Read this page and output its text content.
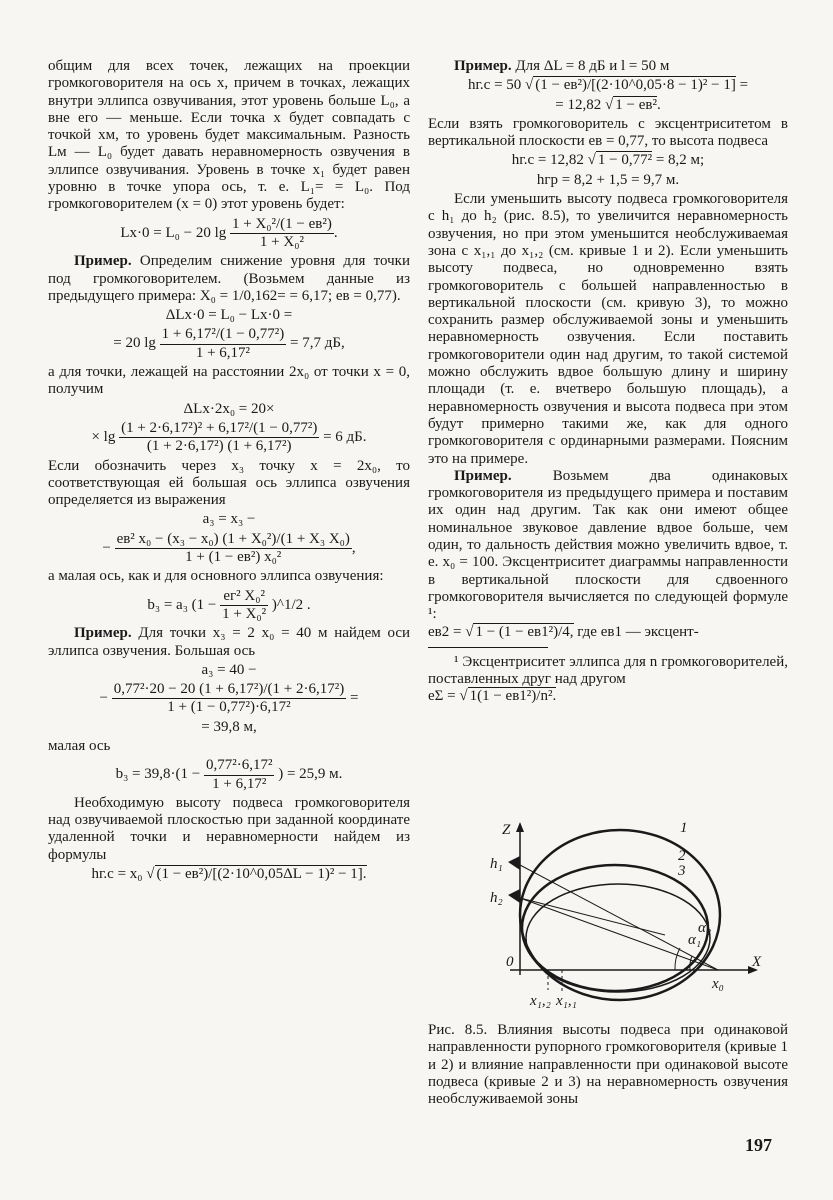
общим для всех точек, лежащих на проекции громкоговорителя на ось x, причем в точках, лежащих внутри эллипса озвучивания, этот уровень больше L₀, а вне его — меньше. Если точка x будет совпадать с точкой xм, то уровень будет максимальным. Разность Lм — L₀ будет давать неравномерность озвучения в эллипсе озвучивания. Уровень в точке x₁ будет равен уровню в точке упора ось, т. е. L₁= = L₀. Под громкоговорителем (x = 0) этот уровень будет:

Lx·0 = L₀ − 20 $\lg \frac{\text{1 + X₀²/(1 − eв²)}}{\text{1 + X₀²}}$ .

Пример. Определим снижение уровня для точки под громкоговорителем. (Возьмем данные из предыдущего примера: X₀ = 1/0,162= = 6,17; eв = 0,77).

ΔLx·0 = L₀ − Lx·0 =
= 20 $\lg \frac{\text{1 + 6,17²/(1 − 0,77²)}}{\text{1 + 6,17²}} = 7,7$ дБ,

а для точки, лежащей на расстоянии 2x₀ от точки x = 0, получим

ΔLx·2x₀ = 20×
× $\lg \frac{\text{(1 + 2·6,17²)² + 6,17²/(1 − 0,77²)}}{\text{(1 + 2·6,17²) (1 + 6,17²)}} = 6$ дБ.

Если обозначить через x₃ точку x = 2x₀, то соответствующая ей большая ось эллипса озвучения определяется из выражения

a₃ = x₃ −
− $\frac{\text{eв² x₀ − (x₃ − x₀) (1 + X₀²)/(1 + X₃ X₀)}}{\text{1 + (1 − eв²) x₀²}}$ ,

а малая ось, как и для основного эллипса озвучения:

b₃ = a₃ ($1 - \frac{\text{eг² X₀²}}{\text{1 + X₀²}}$ )^1/2 .

Пример. Для точки x₃ = 2 x₀ = 40 м найдем оси эллипса озвучения. Большая ось

a₃ = 40 −
− $\frac{\text{0,77²·20 − 20 (1 + 6,17²)/(1 + 2·6,17²)}}{\text{1 + (1 − 0,77²)·6,17²}}$ =
= 39,8 м,

малая ось

$b_3 = 39,8\cdot(1 - \frac{\text{0,77²·6,17²}}{\text{1 + 6,17²}}$ ) = 25,9 м.

Необходимую высоту подвеса громкоговорителя над озвучиваемой плоскостью при заданной координате удаленной точки и неравномерности найдем из формулы

hг.с = x₀ √ (1 − eв²)/[(2·10^0,05ΔL − 1)² − 1].

Пример. Для ΔL = 8 дБ и l = 50 м

hг.с = 50 √ (1 − eв²)/[(2·10^0,05·8 − 1)² − 1] =
= 12,82 √ 1 − eв².

Если взять громкоговоритель с эксцентриситетом в вертикальной плоскости eв = 0,77, то высота подвеса

hг.с = 12,82 √ 1 − 0,77² = 8,2 м;
hгр = 8,2 + 1,5 = 9,7 м.

Если уменьшить высоту подвеса громкоговорителя с h₁ до h₂ (рис. 8.5), то увеличится неравномерность озвучения, но при этом уменьшится необслуживаемая зона с x₁,₁ до x₁,₂ (см. кривые 1 и 2). Если уменьшить высоту подвеса, но одновременно взять громкоговоритель с большей направленностью в вертикальной плоскости (см. кривую 3), то можно сохранить размер обслуживаемой зоны и уменьшить неравномерность озвучения. Если поставить громкоговорители один над другим, то такой системой можно обслужить вдвое большую длину и ширину площади (т. е. вчетверо большую площадь), а неравномерность озвучения и высота подвеса при этом будут примерно такими же, как для одного громкоговорителя с ординарными размерами. Поясним это на примере.

Пример.	Возьмем два одинаковых громкоговорителя из предыдущего примера и поставим их один над другим. Так как они имеют общее номинальное звуковое давление вдвое больше, чем один, то дальность действия можно увеличить вдвое, т. е. x₀ = 100. Эксцентриситет диаграммы направленности в вертикальной плоскости для сдвоенного громкоговорителя вычисляется по следующей формуле ¹:

eв2 = √ 1 − (1 − eв1²)/4, где eв1 — эксцент-

¹ Эксцентриситет эллипса для n громкоговорителей, поставленных друг над другом

eΣ = √ 1(1 − eв1²)/n².
Z
X
0
h₁
h₂
x₀
x₁,₂ x₁,₁
1
2
3
α₁
α₂

Рис. 8.5. Влияния высоты подвеса при одинаковой направленности рупорного громкоговорителя (кривые 1 и 2) и влияние направленности при одинаковой высоте подвеса (кривые 2 и 3) на неравномерность озвучения необслуживаемой зоны

197
